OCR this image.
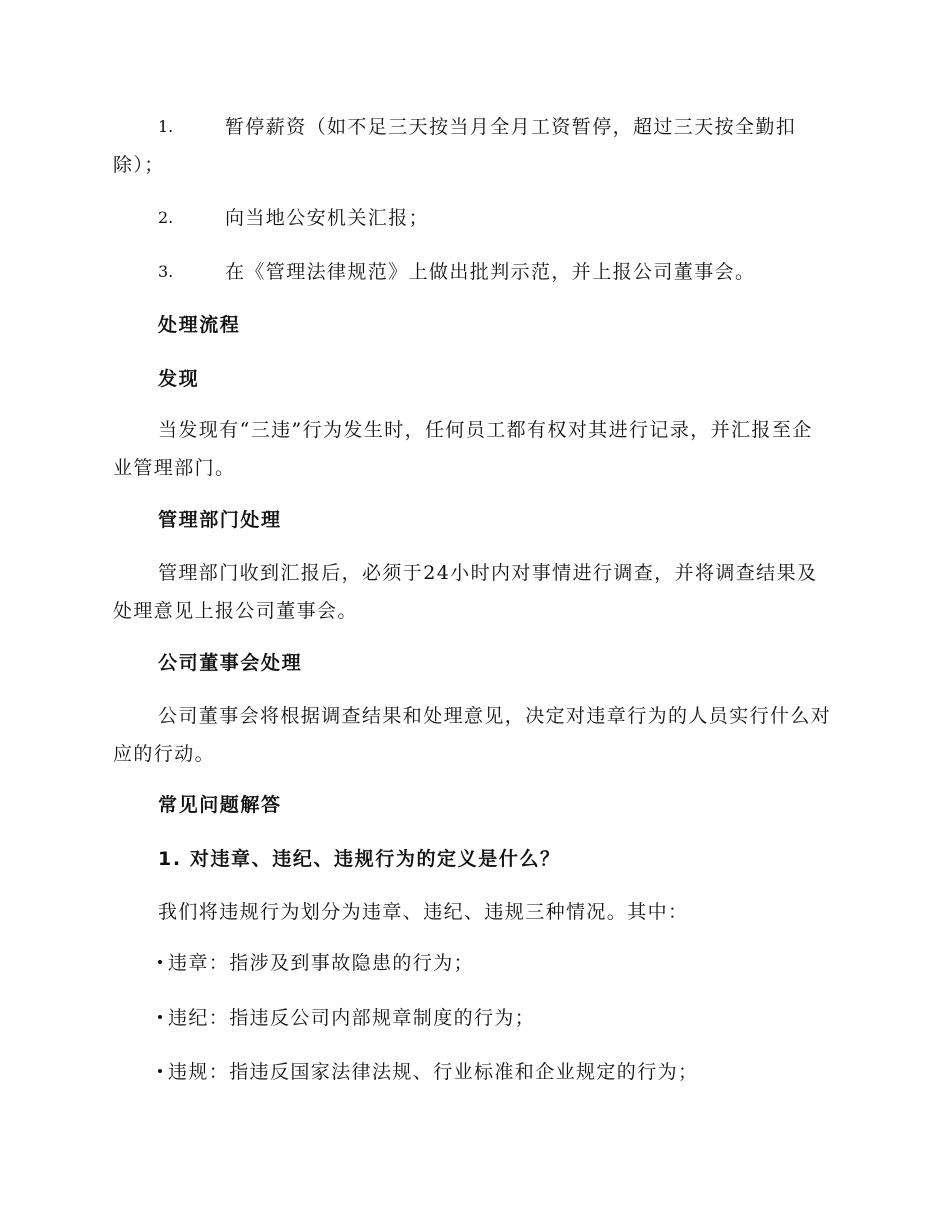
1.	暂停薪资（如不足三天按当月全月工资暂停，超过三天按全勤扣除）；
2.	向当地公安机关汇报；
3.	在《管理法律规范》上做出批判示范，并上报公司董事会。
处理流程
发现
当发现有“三违”行为发生时，任何员工都有权对其进行记录，并汇报至企业管理部门。
管理部门处理
管理部门收到汇报后，必须于24小时内对事情进行调查，并将调查结果及处理意见上报公司董事会。
公司董事会处理
公司董事会将根据调查结果和处理意见，决定对违章行为的人员实行什么对应的行动。
常见问题解答
1. 对违章、违纪、违规行为的定义是什么？
我们将违规行为划分为违章、违纪、违规三种情况。其中：
违章：指涉及到事故隐患的行为；
违纪：指违反公司内部规章制度的行为；
违规：指违反国家法律法规、行业标准和企业规定的行为；
